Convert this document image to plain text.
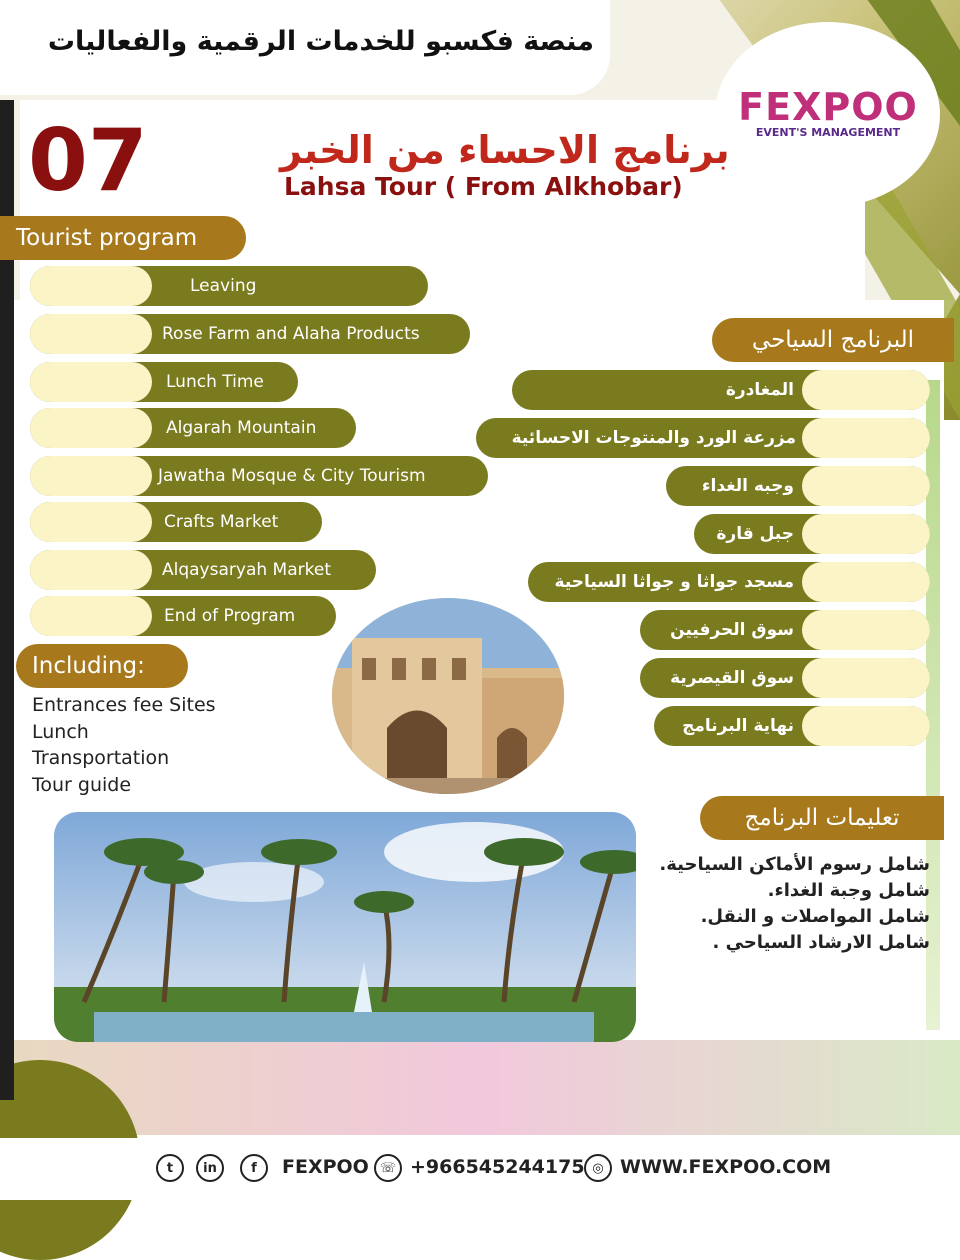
منصة فكسبو للخدمات الرقمية والفعاليات
FEXPOO
EVENT'S MANAGEMENT
07	برنامج الاحساء من الخبر
Lahsa Tour ( From Alkhobar)
Tourist program
Leaving
Rose Farm and Alaha Products
Lunch Time
Algarah Mountain
Jawatha Mosque & City Tourism
Crafts Market
Alqaysaryah Market
End of Program
Including:
Entrances fee Sites
Lunch
Transportation
Tour guide
البرنامج السياحي
المغادرة
مزرعة الورد والمنتوجات الاحسائية
وجبه الغداء
جبل قارة
مسجد جواثا و جواثا السياحية
سوق الحرفيين
سوق القيصرية
نهاية البرنامج
تعليمات البرنامج
شامل رسوم الأماكن السياحية.
شامل وجبة الغداء.
شامل المواصلات و النقل.
شامل الارشاد السياحي .
t	in	f	FEXPOO ☏ +966545244175 ◎ WWW.FEXPOO.COM
